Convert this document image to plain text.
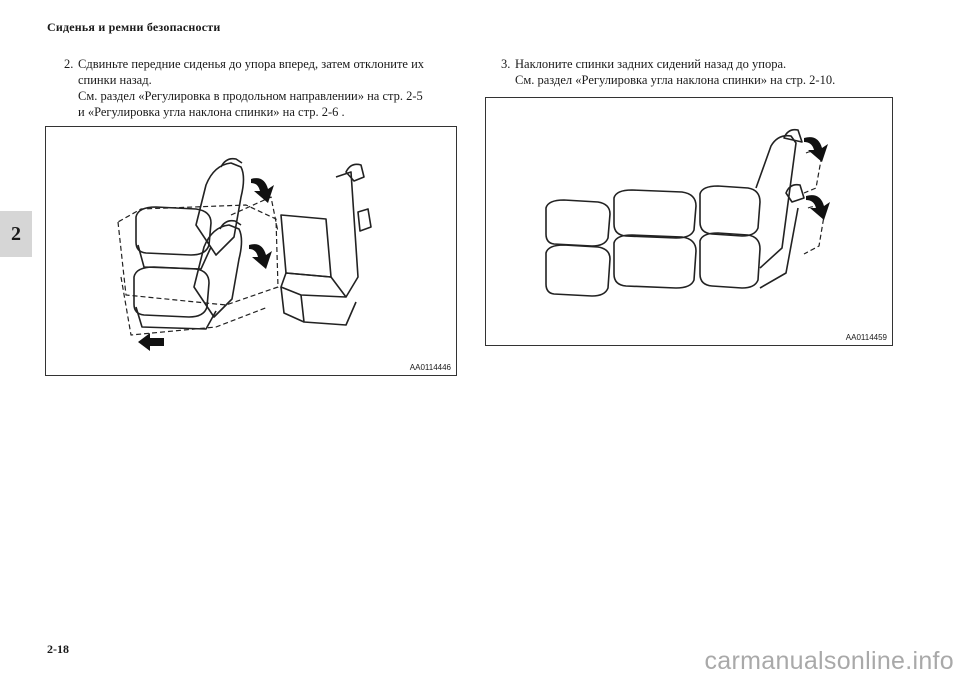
Сиденья и ремни безопасности
2
2. Сдвиньте передние сиденья до упора вперед, затем отклоните их
спинки назад.
См. раздел «Регулировка в продольном направлении» на стр. 2-5
и «Регулировка угла наклона спинки» на стр. 2-6 .
3. Наклоните спинки задних сидений назад до упора.
См. раздел «Регулировка угла наклона спинки» на стр. 2-10.
AA0114446
AA0114459
2-18	carmanualsonline.info
